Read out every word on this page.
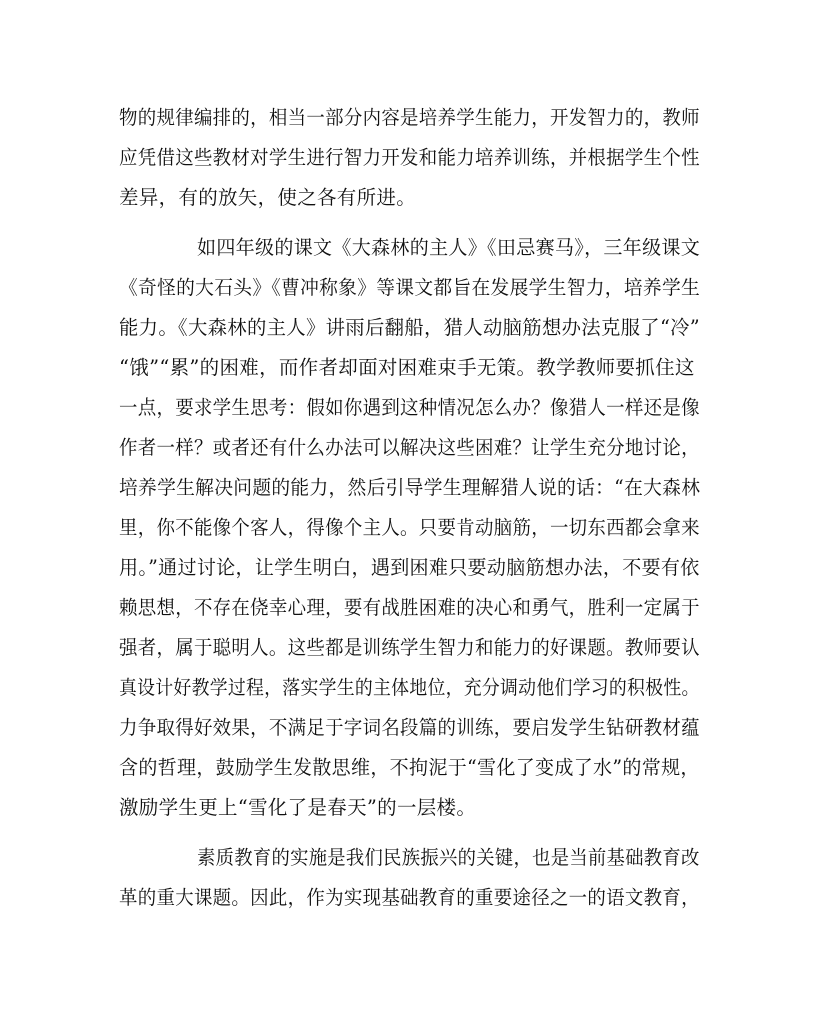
物的规律编排的，相当一部分内容是培养学生能力，开发智力的，教师
应凭借这些教材对学生进行智力开发和能力培养训练，并根据学生个性
差异，有的放矢，使之各有所进。
如四年级的课文《大森林的主人》《田忌赛马》，三年级课文
《奇怪的大石头》《曹冲称象》等课文都旨在发展学生智力，培养学生
能力。《大森林的主人》讲雨后翻船，猎人动脑筋想办法克服了“冷”
“饿”“累”的困难，而作者却面对困难束手无策。教学教师要抓住这
一点，要求学生思考：假如你遇到这种情况怎么办？像猎人一样还是像
作者一样？或者还有什么办法可以解决这些困难？让学生充分地讨论，
培养学生解决问题的能力，然后引导学生理解猎人说的话：“在大森林
里，你不能像个客人，得像个主人。只要肯动脑筋，一切东西都会拿来
用。”通过讨论，让学生明白，遇到困难只要动脑筋想办法，不要有依
赖思想，不存在侥幸心理，要有战胜困难的决心和勇气，胜利一定属于
强者，属于聪明人。这些都是训练学生智力和能力的好课题。教师要认
真设计好教学过程，落实学生的主体地位，充分调动他们学习的积极性。
力争取得好效果，不满足于字词名段篇的训练，要启发学生钻研教材蕴
含的哲理，鼓励学生发散思维，不拘泥于“雪化了变成了水”的常规，
激励学生更上“雪化了是春天”的一层楼。
素质教育的实施是我们民族振兴的关键，也是当前基础教育改
革的重大课题。因此，作为实现基础教育的重要途径之一的语文教育，
